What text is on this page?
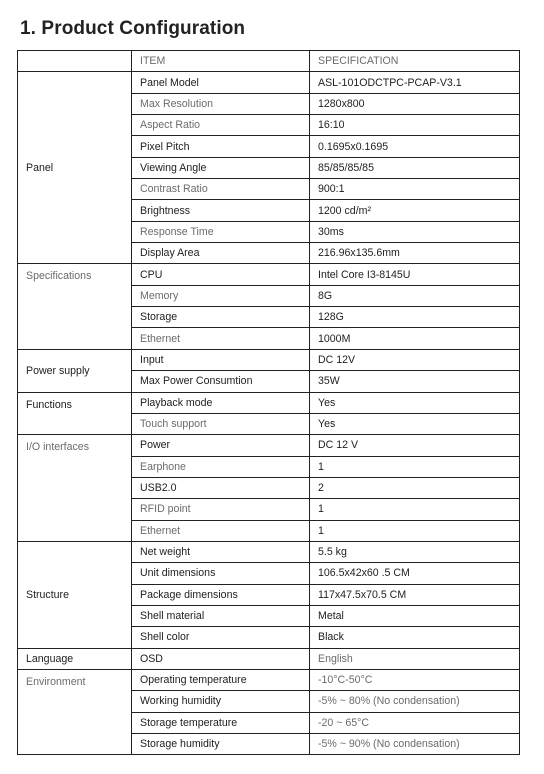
1. Product Configuration
	ITEM	SPECIFICATION
Panel	Panel Model	ASL-101ODCTPC-PCAP-V3.1
	Max Resolution	1280x800
	Aspect Ratio	16:10
	Pixel Pitch	0.1695x0.1695
	Viewing Angle	85/85/85/85
	Contrast Ratio	900:1
	Brightness	1200 cd/m²
	Response Time	30ms
	Display Area	216.96x135.6mm
Specifications	CPU	Intel Core I3-8145U
	Memory	8G
	Storage	128G
	Ethernet	1000M
Power supply	Input	DC 12V
	Max Power Consumtion	35W
Functions	Playback mode	Yes
	Touch support	Yes
I/O interfaces	Power	DC 12 V
	Earphone	1
	USB2.0	2
	RFID point	1
	Ethernet	1
Structure	Net weight	5.5 kg
	Unit dimensions	106.5x42x60 .5 CM
	Package dimensions	117x47.5x70.5 CM
	Shell material	Metal
	Shell color	Black
Language	OSD	English
Environment	Operating temperature	-10°C-50°C
	Working humidity	-5% ~ 80% (No condensation)
	Storage temperature	-20 ~ 65°C
	Storage humidity	-5% ~ 90% (No condensation)
